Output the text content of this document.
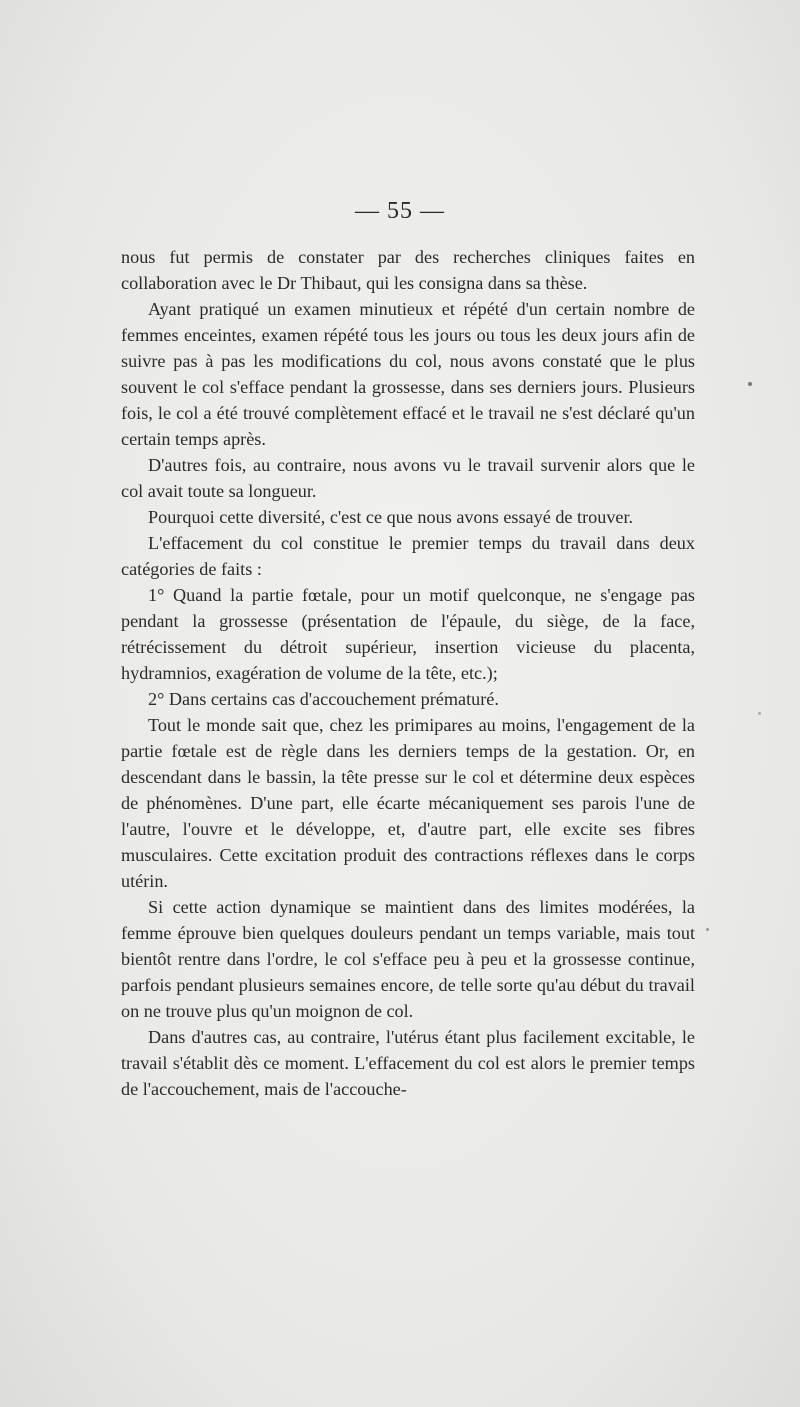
— 55 —

nous fut permis de constater par des recherches cliniques faites en collaboration avec le Dr Thibaut, qui les consigna dans sa thèse.

Ayant pratiqué un examen minutieux et répété d'un certain nombre de femmes enceintes, examen répété tous les jours ou tous les deux jours afin de suivre pas à pas les modifications du col, nous avons constaté que le plus souvent le col s'efface pendant la grossesse, dans ses derniers jours. Plusieurs fois, le col a été trouvé complètement effacé et le travail ne s'est déclaré qu'un certain temps après.

D'autres fois, au contraire, nous avons vu le travail survenir alors que le col avait toute sa longueur.

Pourquoi cette diversité, c'est ce que nous avons essayé de trouver.

L'effacement du col constitue le premier temps du travail dans deux catégories de faits :

1° Quand la partie fœtale, pour un motif quelconque, ne s'engage pas pendant la grossesse (présentation de l'épaule, du siège, de la face, rétrécissement du détroit supérieur, insertion vicieuse du placenta, hydramnios, exagération de volume de la tête, etc.);

2° Dans certains cas d'accouchement prématuré.

Tout le monde sait que, chez les primipares au moins, l'engagement de la partie fœtale est de règle dans les derniers temps de la gestation. Or, en descendant dans le bassin, la tête presse sur le col et détermine deux espèces de phénomènes. D'une part, elle écarte mécaniquement ses parois l'une de l'autre, l'ouvre et le développe, et, d'autre part, elle excite ses fibres musculaires. Cette excitation produit des contractions réflexes dans le corps utérin.

Si cette action dynamique se maintient dans des limites modérées, la femme éprouve bien quelques douleurs pendant un temps variable, mais tout bientôt rentre dans l'ordre, le col s'efface peu à peu et la grossesse continue, parfois pendant plusieurs semaines encore, de telle sorte qu'au début du travail on ne trouve plus qu'un moignon de col.

Dans d'autres cas, au contraire, l'utérus étant plus facilement excitable, le travail s'établit dès ce moment. L'effacement du col est alors le premier temps de l'accouchement, mais de l'accouche-
